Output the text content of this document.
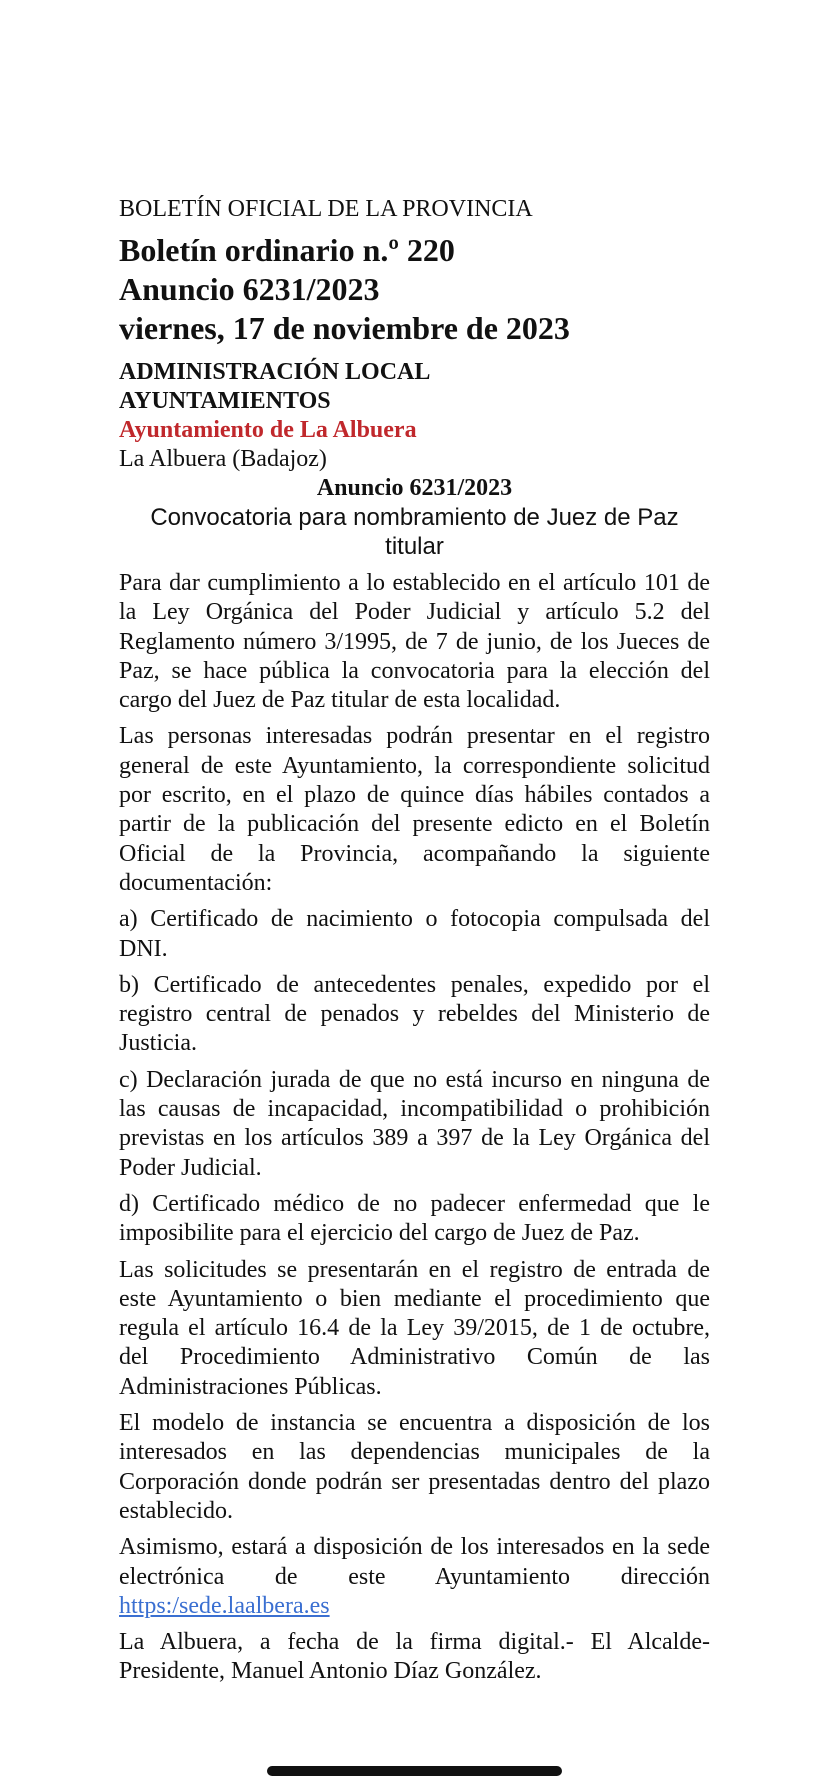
BOLETÍN OFICIAL DE LA PROVINCIA

Boletín ordinario n.º 220

Anuncio 6231/2023

viernes, 17 de noviembre de 2023

ADMINISTRACIÓN LOCAL

AYUNTAMIENTOS

Ayuntamiento de La Albuera

La Albuera (Badajoz)

Anuncio 6231/2023

Convocatoria para nombramiento de Juez de Paz titular

Para dar cumplimiento a lo establecido en el artículo 101 de la Ley Orgánica del Poder Judicial y artículo 5.2 del Reglamento número 3/1995, de 7 de junio, de los Jueces de Paz, se hace pública la convocatoria para la elección del cargo del Juez de Paz titular de esta localidad.

Las personas interesadas podrán presentar en el registro general de este Ayuntamiento, la correspondiente solicitud por escrito, en el plazo de quince días hábiles contados a partir de la publicación del presente edicto en el Boletín Oficial de la Provincia, acompañando la siguiente documentación:

a) Certificado de nacimiento o fotocopia compulsada del DNI.

b) Certificado de antecedentes penales, expedido por el registro central de penados y rebeldes del Ministerio de Justicia.

c) Declaración jurada de que no está incurso en ninguna de las causas de incapacidad, incompatibilidad o prohibición previstas en los artículos 389 a 397 de la Ley Orgánica del Poder Judicial.

d) Certificado médico de no padecer enfermedad que le imposibilite para el ejercicio del cargo de Juez de Paz.

Las solicitudes se presentarán en el registro de entrada de este Ayuntamiento o bien mediante el procedimiento que regula el artículo 16.4 de la Ley 39/2015, de 1 de octubre, del Procedimiento Administrativo Común de las Administraciones Públicas.

El modelo de instancia se encuentra a disposición de los interesados en las dependencias municipales de la Corporación donde podrán ser presentadas dentro del plazo establecido.

Asimismo, estará a disposición de los interesados en la sede electrónica de este Ayuntamiento dirección https:/sede.laalbera.es

La Albuera, a fecha de la firma digital.- El Alcalde-Presidente, Manuel Antonio Díaz González.
